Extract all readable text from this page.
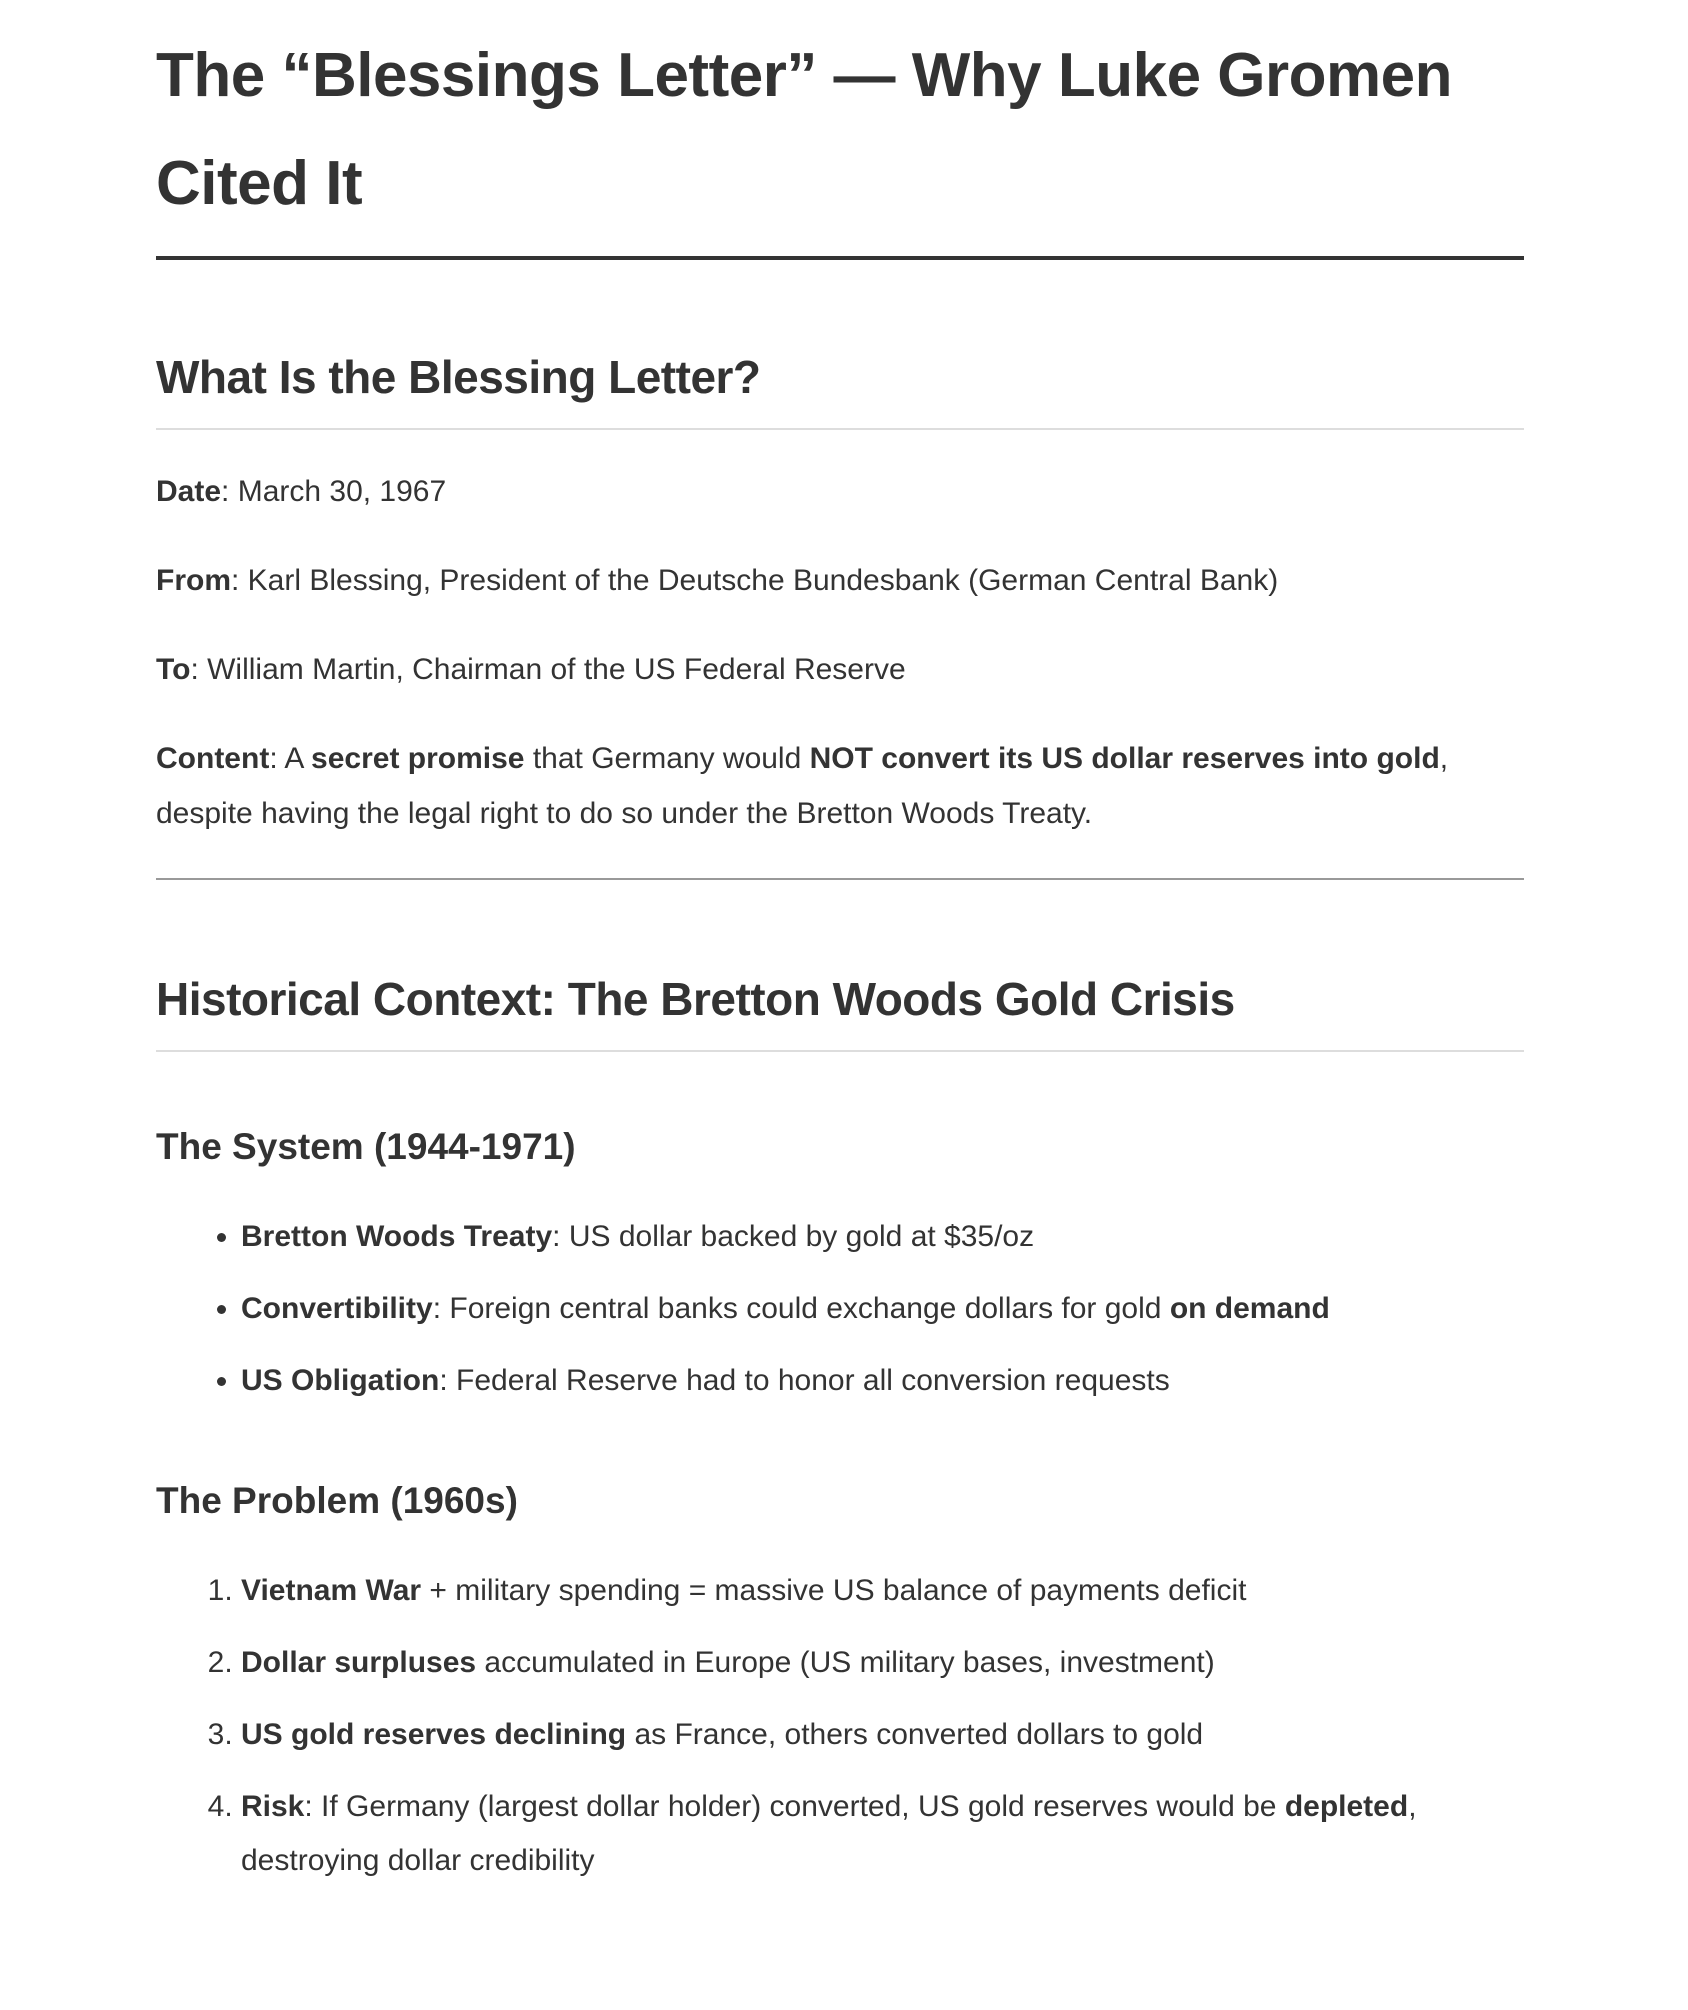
The “Blessings Letter” — Why Luke Gromen Cited It
What Is the Blessing Letter?

Date: March 30, 1967

From: Karl Blessing, President of the Deutsche Bundesbank (German Central Bank)

To: William Martin, Chairman of the US Federal Reserve

Content: A secret promise that Germany would NOT convert its US dollar reserves into gold, despite having the legal right to do so under the Bretton Woods Treaty.

Historical Context: The Bretton Woods Gold Crisis
The System (1944-1971)
• Bretton Woods Treaty: US dollar backed by gold at $35/oz
• Convertibility: Foreign central banks could exchange dollars for gold on demand
• US Obligation: Federal Reserve had to honor all conversion requests
The Problem (1960s)
1. Vietnam War + military spending = massive US balance of payments deficit
2. Dollar surpluses accumulated in Europe (US military bases, investment)
3. US gold reserves declining as France, others converted dollars to gold
4. Risk: If Germany (largest dollar holder) converted, US gold reserves would be depleted, destroying dollar credibility
